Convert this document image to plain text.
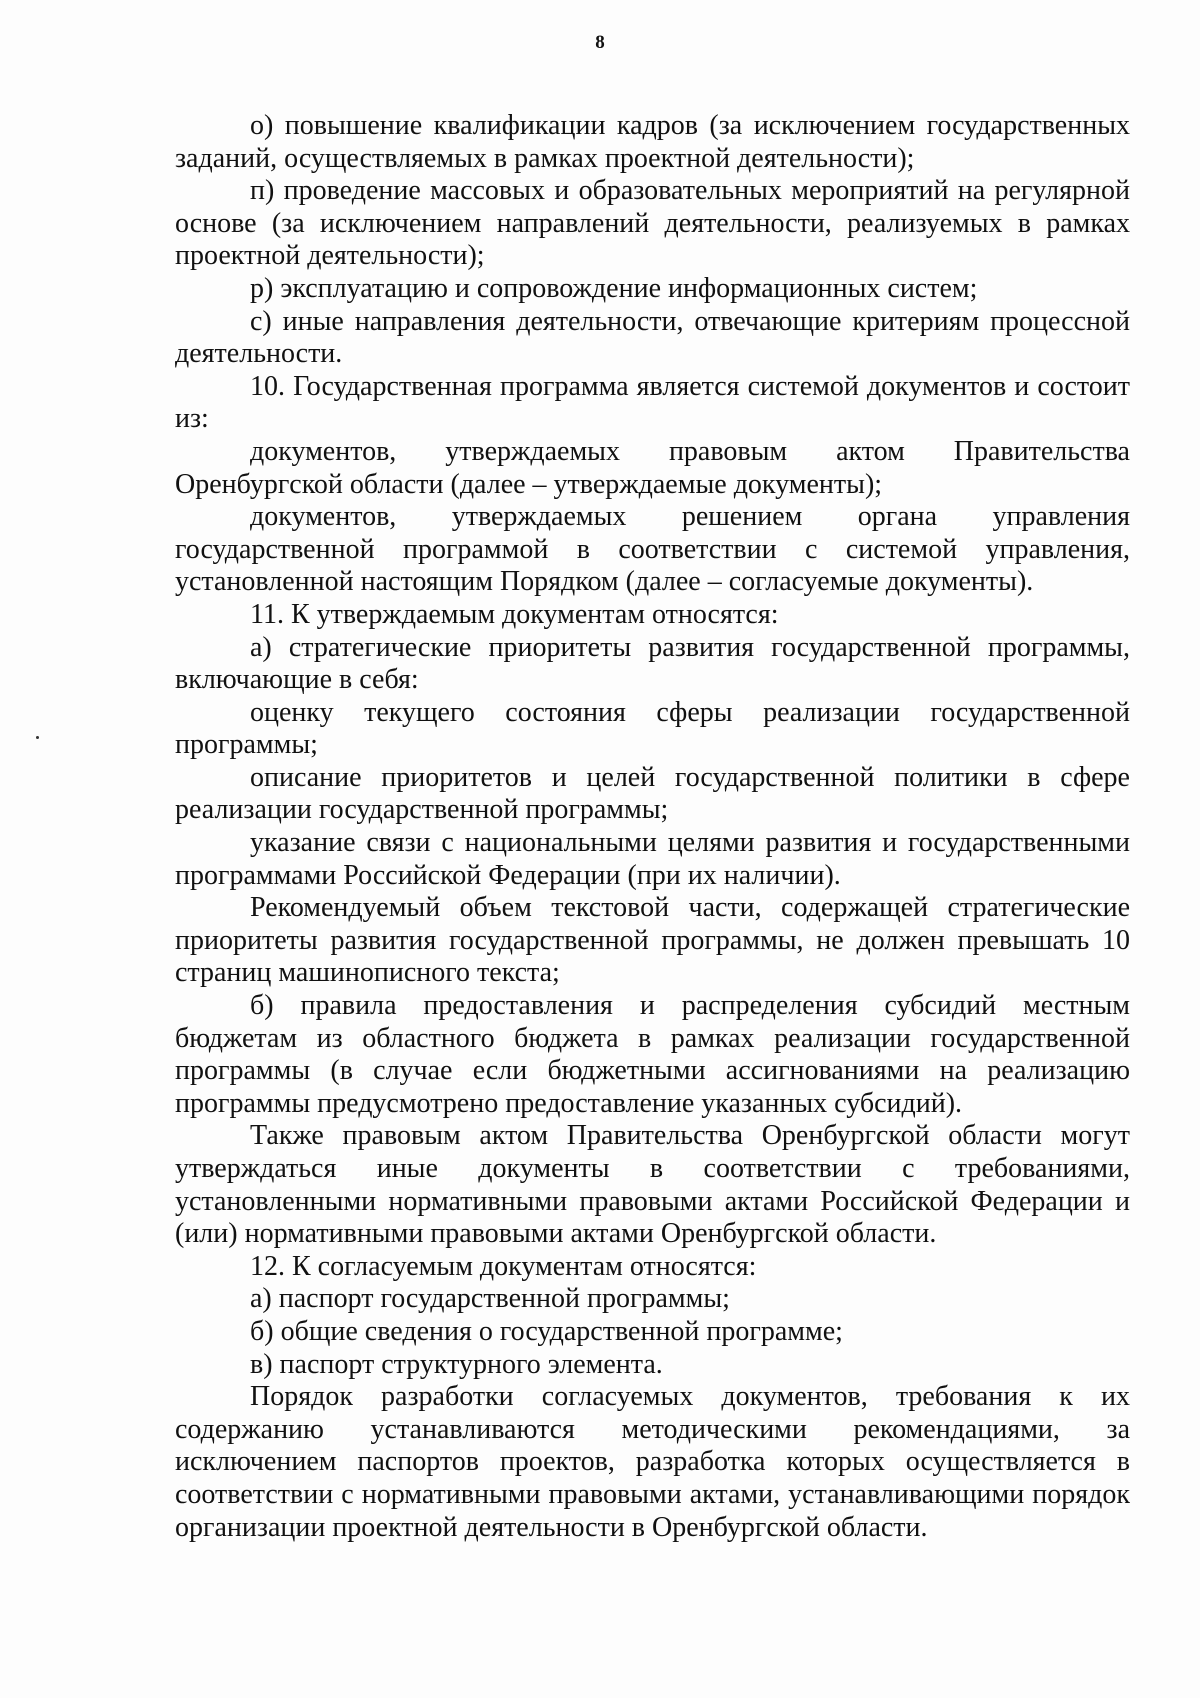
8

о) повышение квалификации кадров (за исключением государственных заданий, осуществляемых в рамках проектной деятельности);

п) проведение массовых и образовательных мероприятий на регулярной основе (за исключением направлений деятельности, реализуемых в рамках проектной деятельности);

р) эксплуатацию и сопровождение информационных систем;

с) иные направления деятельности, отвечающие критериям процессной деятельности.

10. Государственная программа является системой документов и состоит из:

документов, утверждаемых правовым актом Правительства Оренбургской области (далее – утверждаемые документы);

документов, утверждаемых решением органа управления государственной программой в соответствии с системой управления, установленной настоящим Порядком (далее – согласуемые документы).

11. К утверждаемым документам относятся:

а) стратегические приоритеты развития государственной программы, включающие в себя:

оценку текущего состояния сферы реализации государственной программы;

описание приоритетов и целей государственной политики в сфере реализации государственной программы;

указание связи с национальными целями развития и государственными программами Российской Федерации (при их наличии).

Рекомендуемый объем текстовой части, содержащей стратегические приоритеты развития государственной программы, не должен превышать 10 страниц машинописного текста;

б) правила предоставления и распределения субсидий местным бюджетам из областного бюджета в рамках реализации государственной программы (в случае если бюджетными ассигнованиями на реализацию программы предусмотрено предоставление указанных субсидий).

Также правовым актом Правительства Оренбургской области могут утверждаться иные документы в соответствии с требованиями, установленными нормативными правовыми актами Российской Федерации и (или) нормативными правовыми актами Оренбургской области.

12. К согласуемым документам относятся:

а) паспорт государственной программы;

б) общие сведения о государственной программе;

в) паспорт структурного элемента.

Порядок разработки согласуемых документов, требования к их содержанию устанавливаются методическими рекомендациями, за исключением паспортов проектов, разработка которых осуществляется в соответствии с нормативными правовыми актами, устанавливающими порядок организации проектной деятельности в Оренбургской области.
